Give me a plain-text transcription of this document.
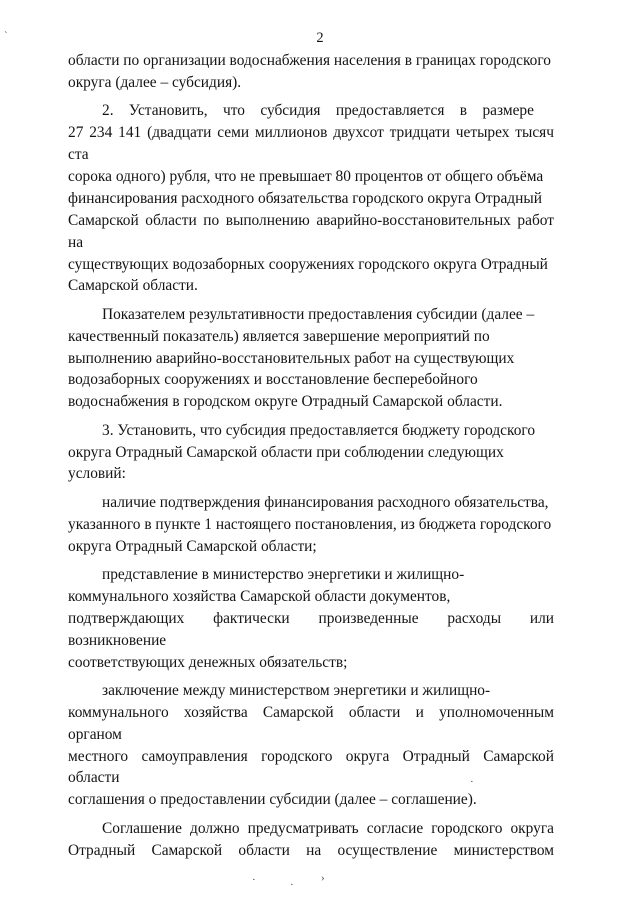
2

области по организации водоснабжения населения в границах городского
округа (далее – субсидия).

2.    Установить,    что    субсидия    предоставляется    в    размере
27 234 141 (двадцати семи миллионов двухсот тридцати четырех тысяч ста
сорока одного) рубля, что не превышает 80 процентов от общего объёма
финансирования расходного обязательства городского округа Отрадный
Самарской области по выполнению аварийно-восстановительных работ на
существующих водозаборных сооружениях городского округа Отрадный
Самарской области.

Показателем результативности предоставления субсидии (далее –
качественный показатель) является завершение мероприятий по
выполнению аварийно-восстановительных работ на существующих
водозаборных сооружениях и восстановление бесперебойного
водоснабжения в городском округе Отрадный Самарской области.

3. Установить, что субсидия предоставляется бюджету городского
округа Отрадный Самарской области при соблюдении следующих
условий:

наличие подтверждения финансирования расходного обязательства,
указанного в пункте 1 настоящего постановления, из бюджета городского
округа Отрадный Самарской области;

представление в министерство энергетики и жилищно-
коммунального хозяйства Самарской области документов,
подтверждающих фактически произведенные расходы или возникновение
соответствующих денежных обязательств;

заключение между министерством энергетики и жилищно-
коммунального хозяйства Самарской области и уполномоченным органом
местного самоуправления городского округа Отрадный Самарской области
соглашения о предоставлении субсидии (далее – соглашение).

Соглашение должно предусматривать согласие городского округа
Отрадный Самарской области на осуществление министерством

ˋ
·
·	·
›
